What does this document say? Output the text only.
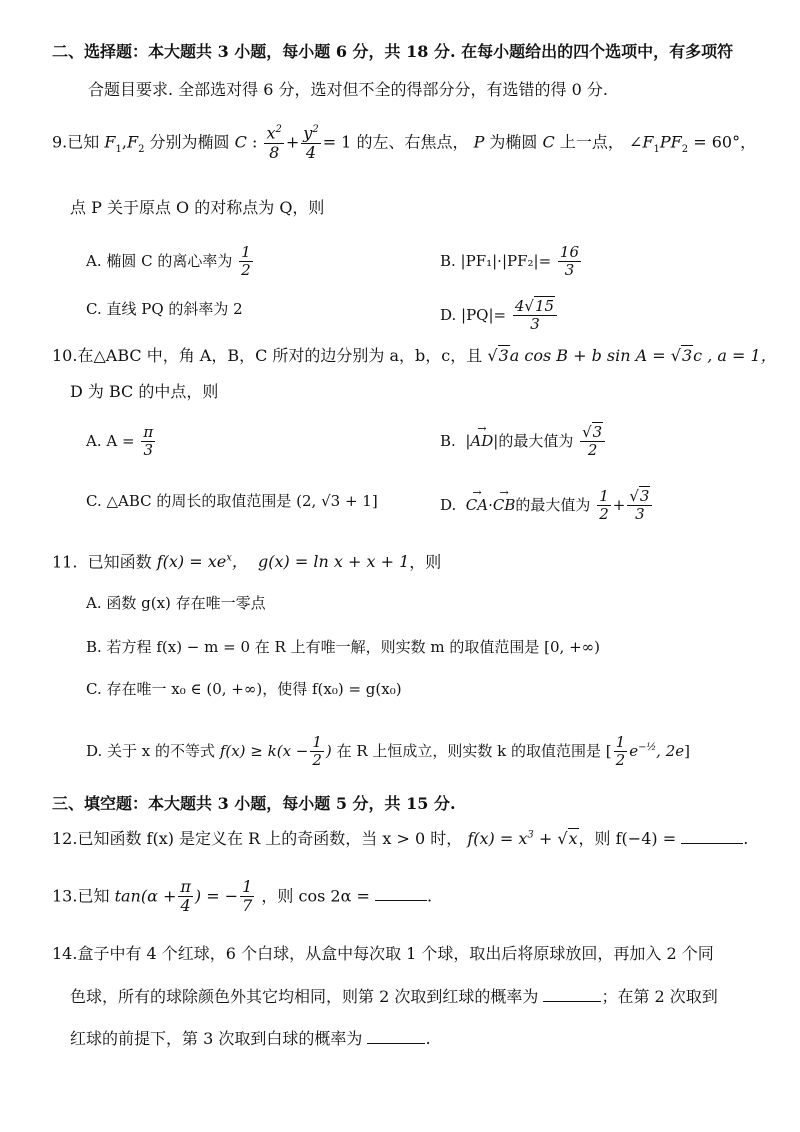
二、选择题：本大题共 3 小题，每小题 6 分，共 18 分. 在每小题给出的四个选项中，有多项符
合题目要求. 全部选对得 6 分，选对但不全的得部分分，有选错的得 0 分.
9.已知 $F_1,F_2$ 分别为椭圆 C : $\frac{x^2}{8} + \frac{y^2}{4} = 1$ 的左、右焦点， P 为椭圆 C 上一点， $\angle F_1PF_2 = 60^\circ$，
点 P 关于原点 O 的对称点为 Q，则
A. 椭圆 C 的离心率为 $\frac{1}{2}$	B. $|PF_1|\cdot|PF_2|= \frac{16}{3}$
C. 直线 PQ 的斜率为 2	D. $|PQ|= \frac{4√15}{3}$
10.在△ABC 中，角 A，B，C 所对的边分别为 a，b，c，且 √3a cos B + b sin A = √3c , a = 1，
D 为 BC 的中点，则
A. $A = \frac{\pi}{3}$	B.  |→ AD|的最大值为 $\frac{√3}{2}$
C. △ABC 的周长的取值范围是 (2, √3 + 1]	D.  → CA·→ CB的最大值为 $\frac{1}{2} + \frac{√3}{3}$
11. 已知函数 $f(x) = xe^x$，  g(x) = ln x + x + 1，则
A. 函数 g(x) 存在唯一零点
B. 若方程 f(x) − m = 0 在 R 上有唯一解，则实数 m 的取值范围是 [0, +∞)
C. 存在唯一 x₀ ∈ (0, +∞)，使得 f(x₀) = g(x₀)
D. 关于 x 的不等式 $f(x) \ge k(x - \frac{1}{2}$ ) 在 R 上恒成立，则实数 k 的取值范围是 [ $\frac{1}{2} e^{-\frac{1}{2}}$, 2e]
三、填空题：本大题共 3 小题，每小题 5 分，共 15 分.
12.已知函数 f(x) 是定义在 R 上的奇函数，当 x > 0 时， $f(x) = x^3 + √x$，则 f(−4) =	.
13.已知 $\tan(\alpha + \frac{\pi}{4}$ ) = − $\frac{1}{7}$ ，则 cos 2α =	.
14.盒子中有 4 个红球，6 个白球，从盒中每次取 1 个球，取出后将原球放回，再加入 2 个同
色球，所有的球除颜色外其它均相同，则第 2 次取到红球的概率为	；在第 2 次取到
红球的前提下，第 3 次取到白球的概率为	.
